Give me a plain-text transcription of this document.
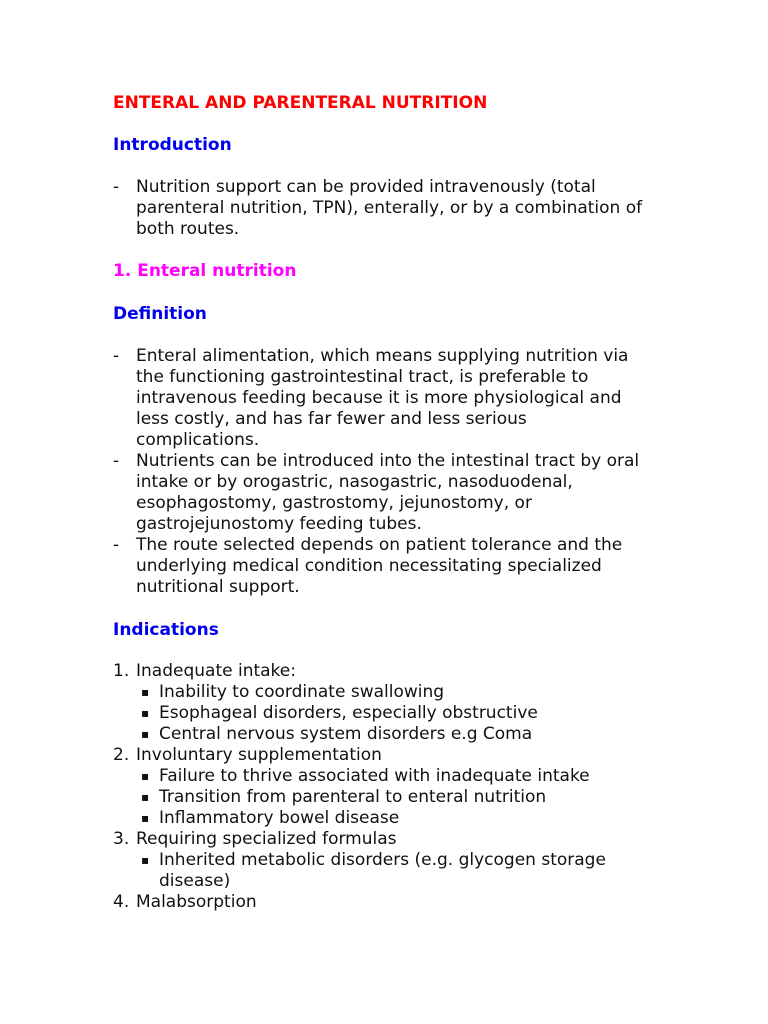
ENTERAL AND PARENTERAL NUTRITION
Introduction
- Nutrition support can be provided intravenously (total parenteral nutrition, TPN), enterally, or by a combination of both routes.
1. Enteral nutrition
Definition
- Enteral alimentation, which means supplying nutrition via the functioning gastrointestinal tract, is preferable to intravenous feeding because it is more physiological and less costly, and has far fewer and less serious complications.
- Nutrients can be introduced into the intestinal tract by oral intake or by orogastric, nasogastric, nasoduodenal, esophagostomy, gastrostomy, jejunostomy, or gastrojejunostomy feeding tubes.
- The route selected depends on patient tolerance and the underlying medical condition necessitating specialized nutritional support.
Indications
1. Inadequate intake:
▪ Inability to coordinate swallowing
▪ Esophageal disorders, especially obstructive
▪ Central nervous system disorders e.g Coma
2. Involuntary supplementation
▪ Failure to thrive associated with inadequate intake
▪ Transition from parenteral to enteral nutrition
▪ Inflammatory bowel disease
3. Requiring specialized formulas
▪ Inherited metabolic disorders (e.g. glycogen storage disease)
4. Malabsorption
